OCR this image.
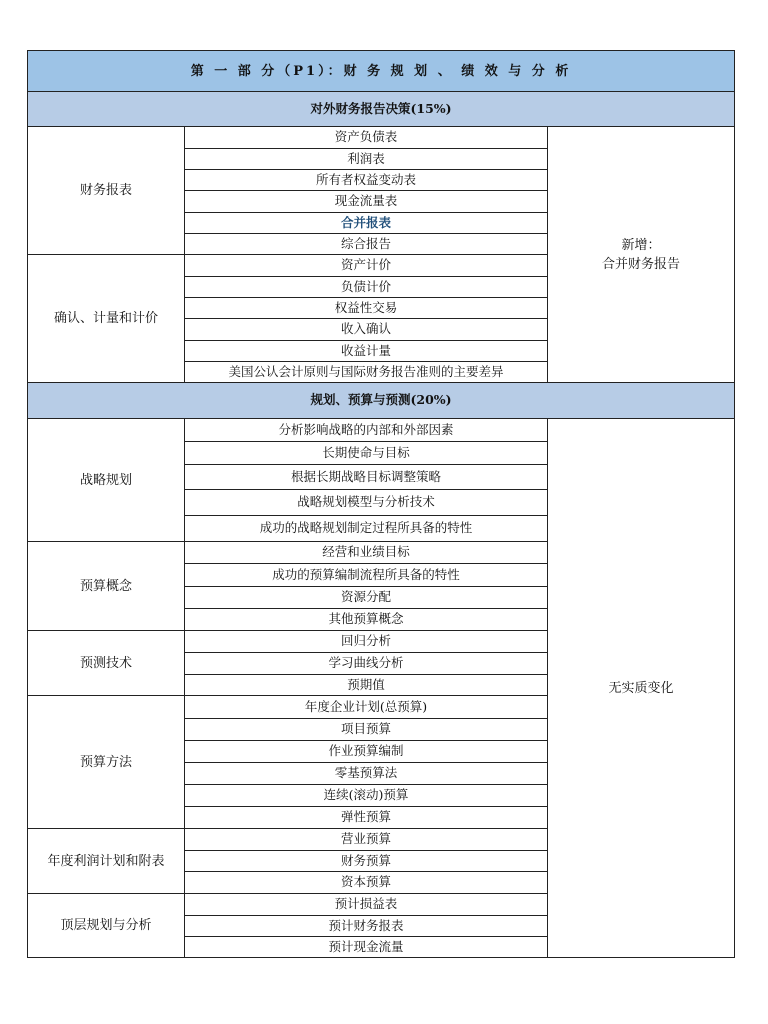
第 一 部 分（P1）：财 务 规 划 、 绩 效 与 分 析		
对外财务报告决策(15%)		
财务报表	资产负债表	新增：
合并财务报告
	利润表	
	所有者权益变动表	
	现金流量表	
	合并报表	
	综合报告	
确认、计量和计价	资产计价	
	负债计价	
	权益性交易	
	收入确认	
	收益计量	
	美国公认会计原则与国际财务报告准则的主要差异	
规划、预算与预测(20%)		
战略规划	分析影响战略的内部和外部因素	无实质变化
	长期使命与目标	
	根据长期战略目标调整策略	
	战略规划模型与分析技术	
	成功的战略规划制定过程所具备的特性	
预算概念	经营和业绩目标	
	成功的预算编制流程所具备的特性	
	资源分配	
	其他预算概念	
预测技术	回归分析	
	学习曲线分析	
	预期值	
预算方法	年度企业计划(总预算)	
	项目预算	
	作业预算编制	
	零基预算法	
	连续(滚动)预算	
	弹性预算	
年度利润计划和附表	营业预算	
	财务预算	
	资本预算	
顶层规划与分析	预计损益表	
	预计财务报表	
	预计现金流量	
